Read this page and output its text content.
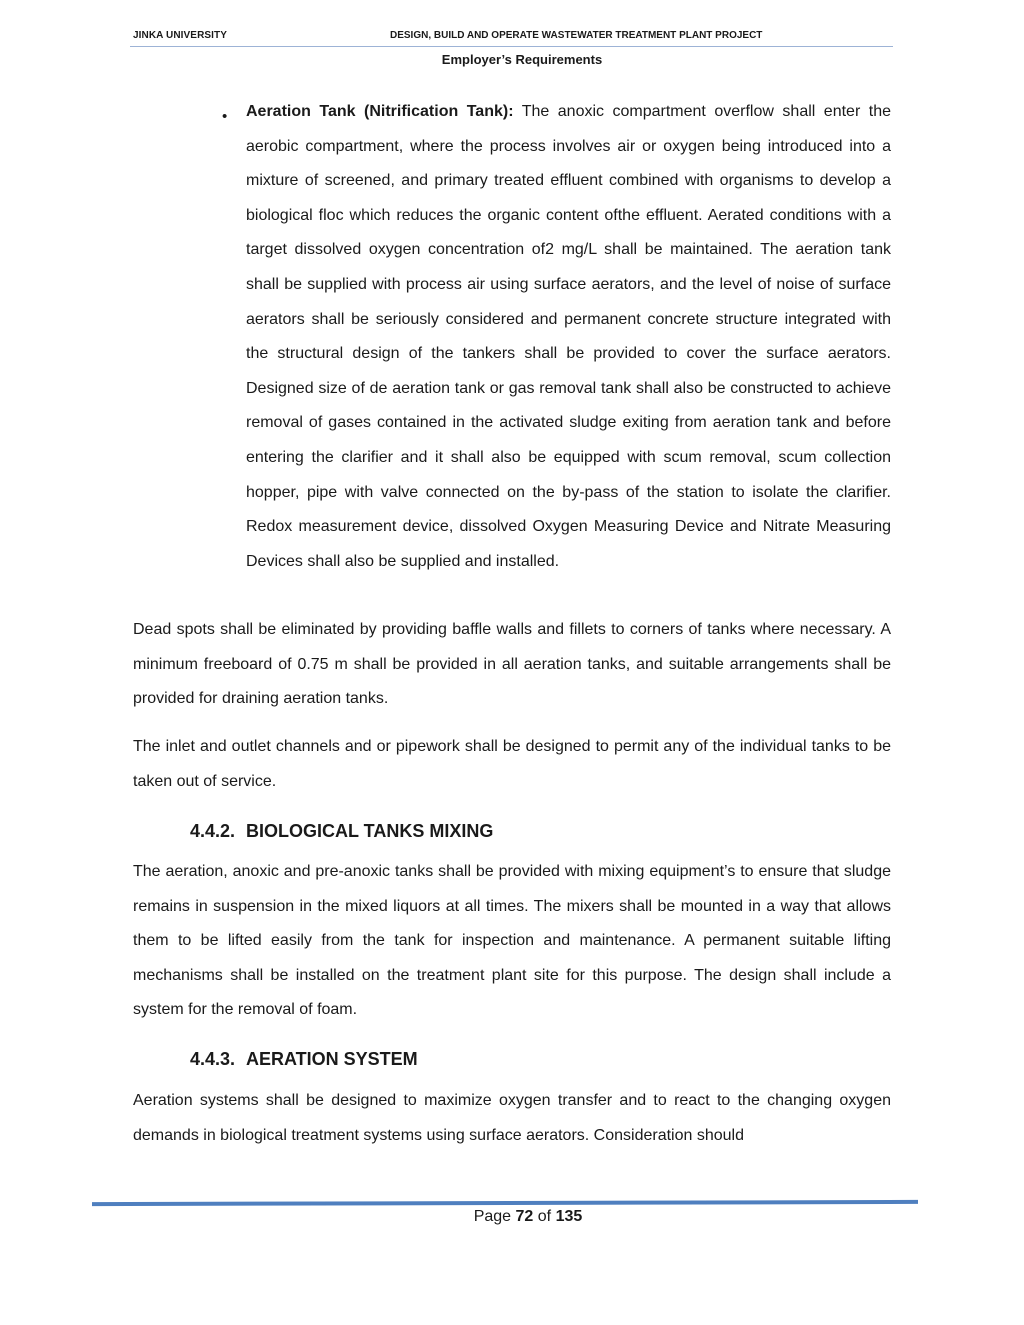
JINKA UNIVERSITY	DESIGN, BUILD AND OPERATE WASTEWATER TREATMENT PLANT PROJECT
Employer’s Requirements
• Aeration Tank (Nitrification Tank): The anoxic compartment overflow shall enter the aerobic compartment, where the process involves air or oxygen being introduced into a mixture of screened, and primary treated effluent combined with organisms to develop a biological floc which reduces the organic content ofthe effluent. Aerated conditions with a target dissolved oxygen concentration of2 mg/L shall be maintained. The aeration tank shall be supplied with process air using surface aerators, and the level of noise of surface aerators shall be seriously considered and permanent concrete structure integrated with the structural design of the tankers shall be provided to cover the surface aerators. Designed size of de aeration tank or gas removal tank shall also be constructed to achieve removal of gases contained in the activated sludge exiting from aeration tank and before entering the clarifier and it shall also be equipped with scum removal, scum collection hopper, pipe with valve connected on the by-pass of the station to isolate the clarifier. Redox measurement device, dissolved Oxygen Measuring Device and Nitrate Measuring Devices shall also be supplied and installed.

Dead spots shall be eliminated by providing baffle walls and fillets to corners of tanks where necessary. A minimum freeboard of 0.75 m shall be provided in all aeration tanks, and suitable arrangements shall be provided for draining aeration tanks.

The inlet and outlet channels and or pipework shall be designed to permit any of the individual tanks to be taken out of service.

4.4.2. BIOLOGICAL TANKS MIXING

The aeration, anoxic and pre-anoxic tanks shall be provided with mixing equipment’s to ensure that sludge remains in suspension in the mixed liquors at all times. The mixers shall be mounted in a way that allows them to be lifted easily from the tank for inspection and maintenance. A permanent suitable lifting mechanisms shall be installed on the treatment plant site for this purpose. The design shall include a system for the removal of foam.

4.4.3. AERATION SYSTEM

Aeration systems shall be designed to maximize oxygen transfer and to react to the changing oxygen demands in biological treatment systems using surface aerators. Consideration should

Page 72 of 135
